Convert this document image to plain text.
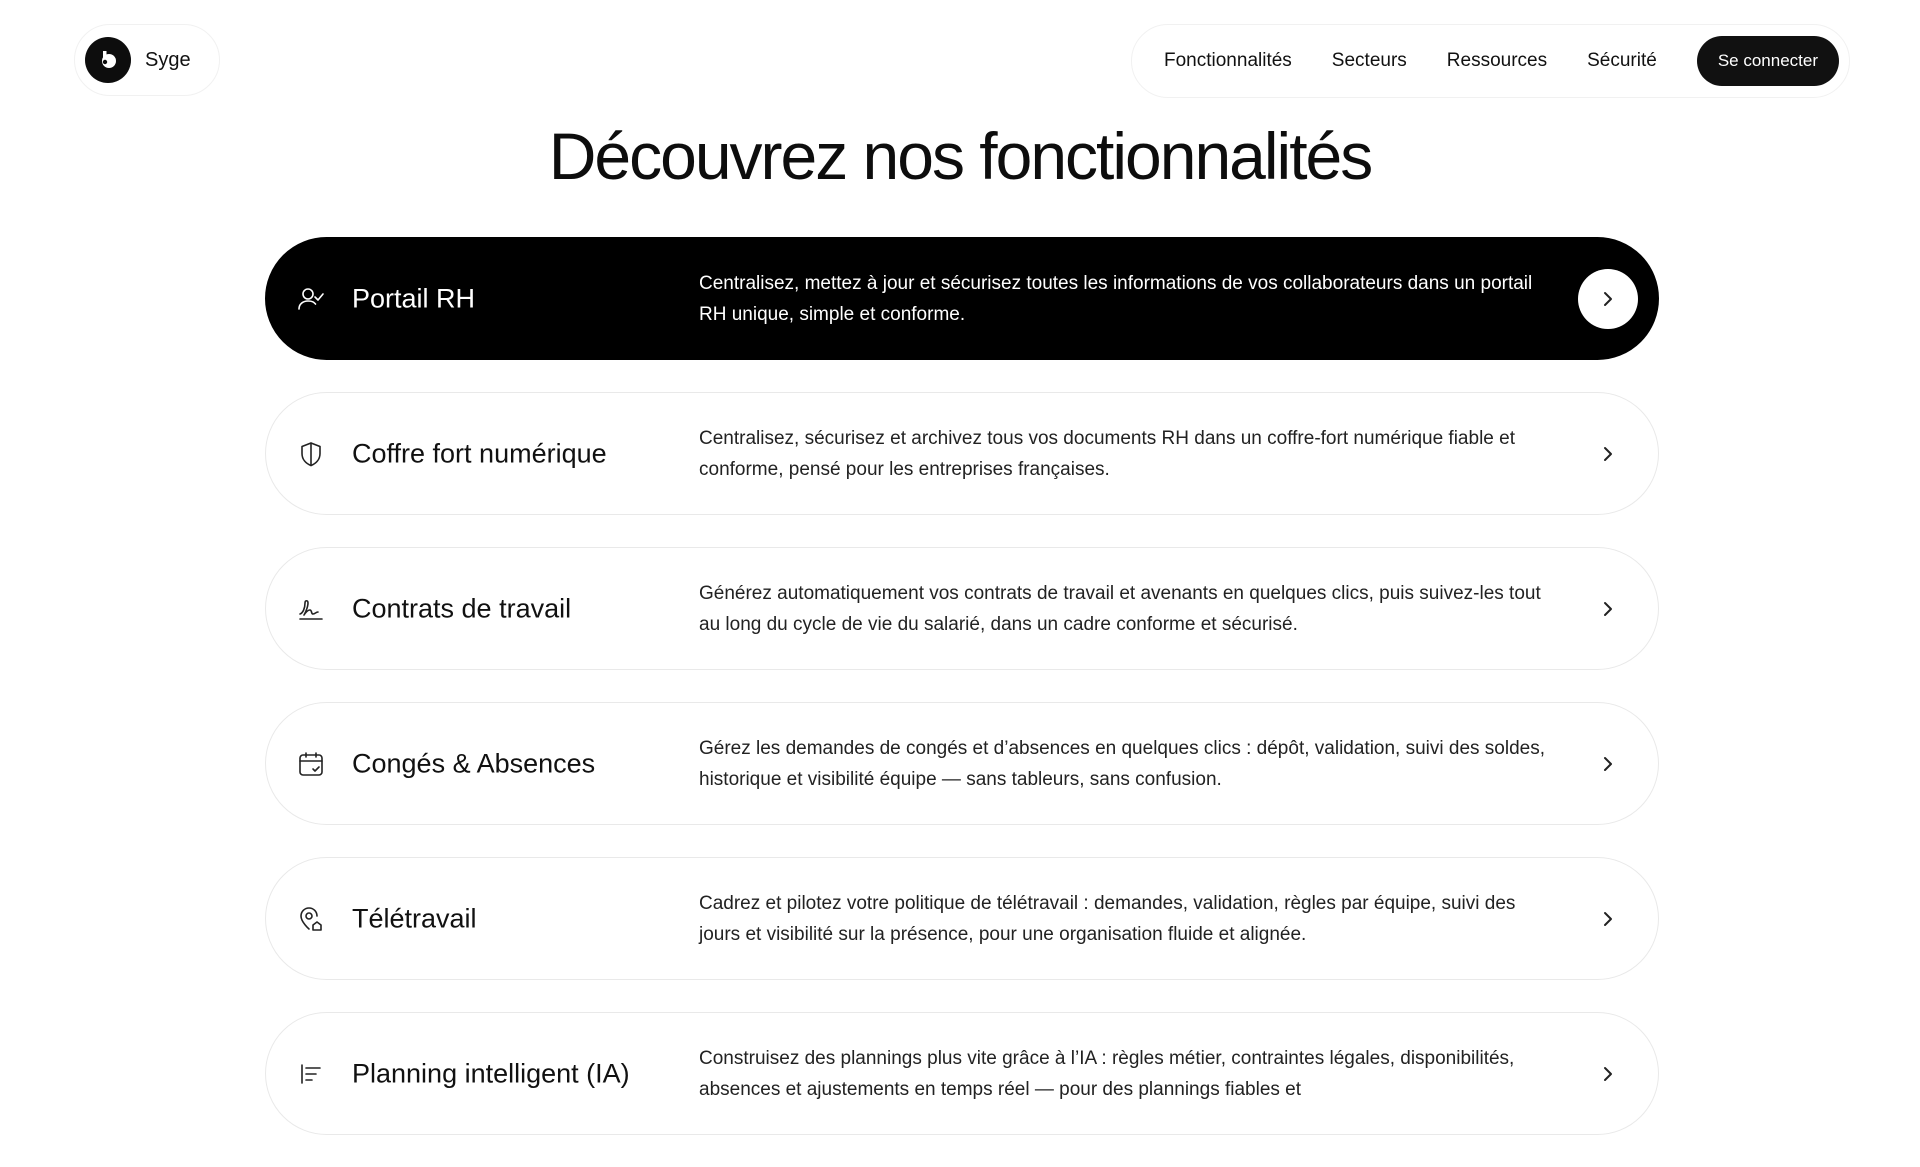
Syge	Fonctionnalités Secteurs Ressources Sécurité	Se connecter
Découvrez nos fonctionnalités
Portail RH	Centralisez, mettez à jour et sécurisez toutes les informations de vos collaborateurs dans un portail RH unique, simple et conforme.

Coffre fort numérique	Centralisez, sécurisez et archivez tous vos documents RH dans un coffre-fort numérique fiable et conforme, pensé pour les entreprises françaises.

Contrats de travail	Générez automatiquement vos contrats de travail et avenants en quelques clics, puis suivez-les tout au long du cycle de vie du salarié, dans un cadre conforme et sécurisé.

Congés & Absences	Gérez les demandes de congés et d’absences en quelques clics : dépôt, validation, suivi des soldes, historique et visibilité équipe — sans tableurs, sans confusion.

Télétravail	Cadrez et pilotez votre politique de télétravail : demandes, validation, règles par équipe, suivi des jours et visibilité sur la présence, pour une organisation fluide et alignée.

Planning intelligent (IA)	Construisez des plannings plus vite grâce à l’IA : règles métier, contraintes légales, disponibilités, absences et ajustements en temps réel — pour des plannings fiables et
